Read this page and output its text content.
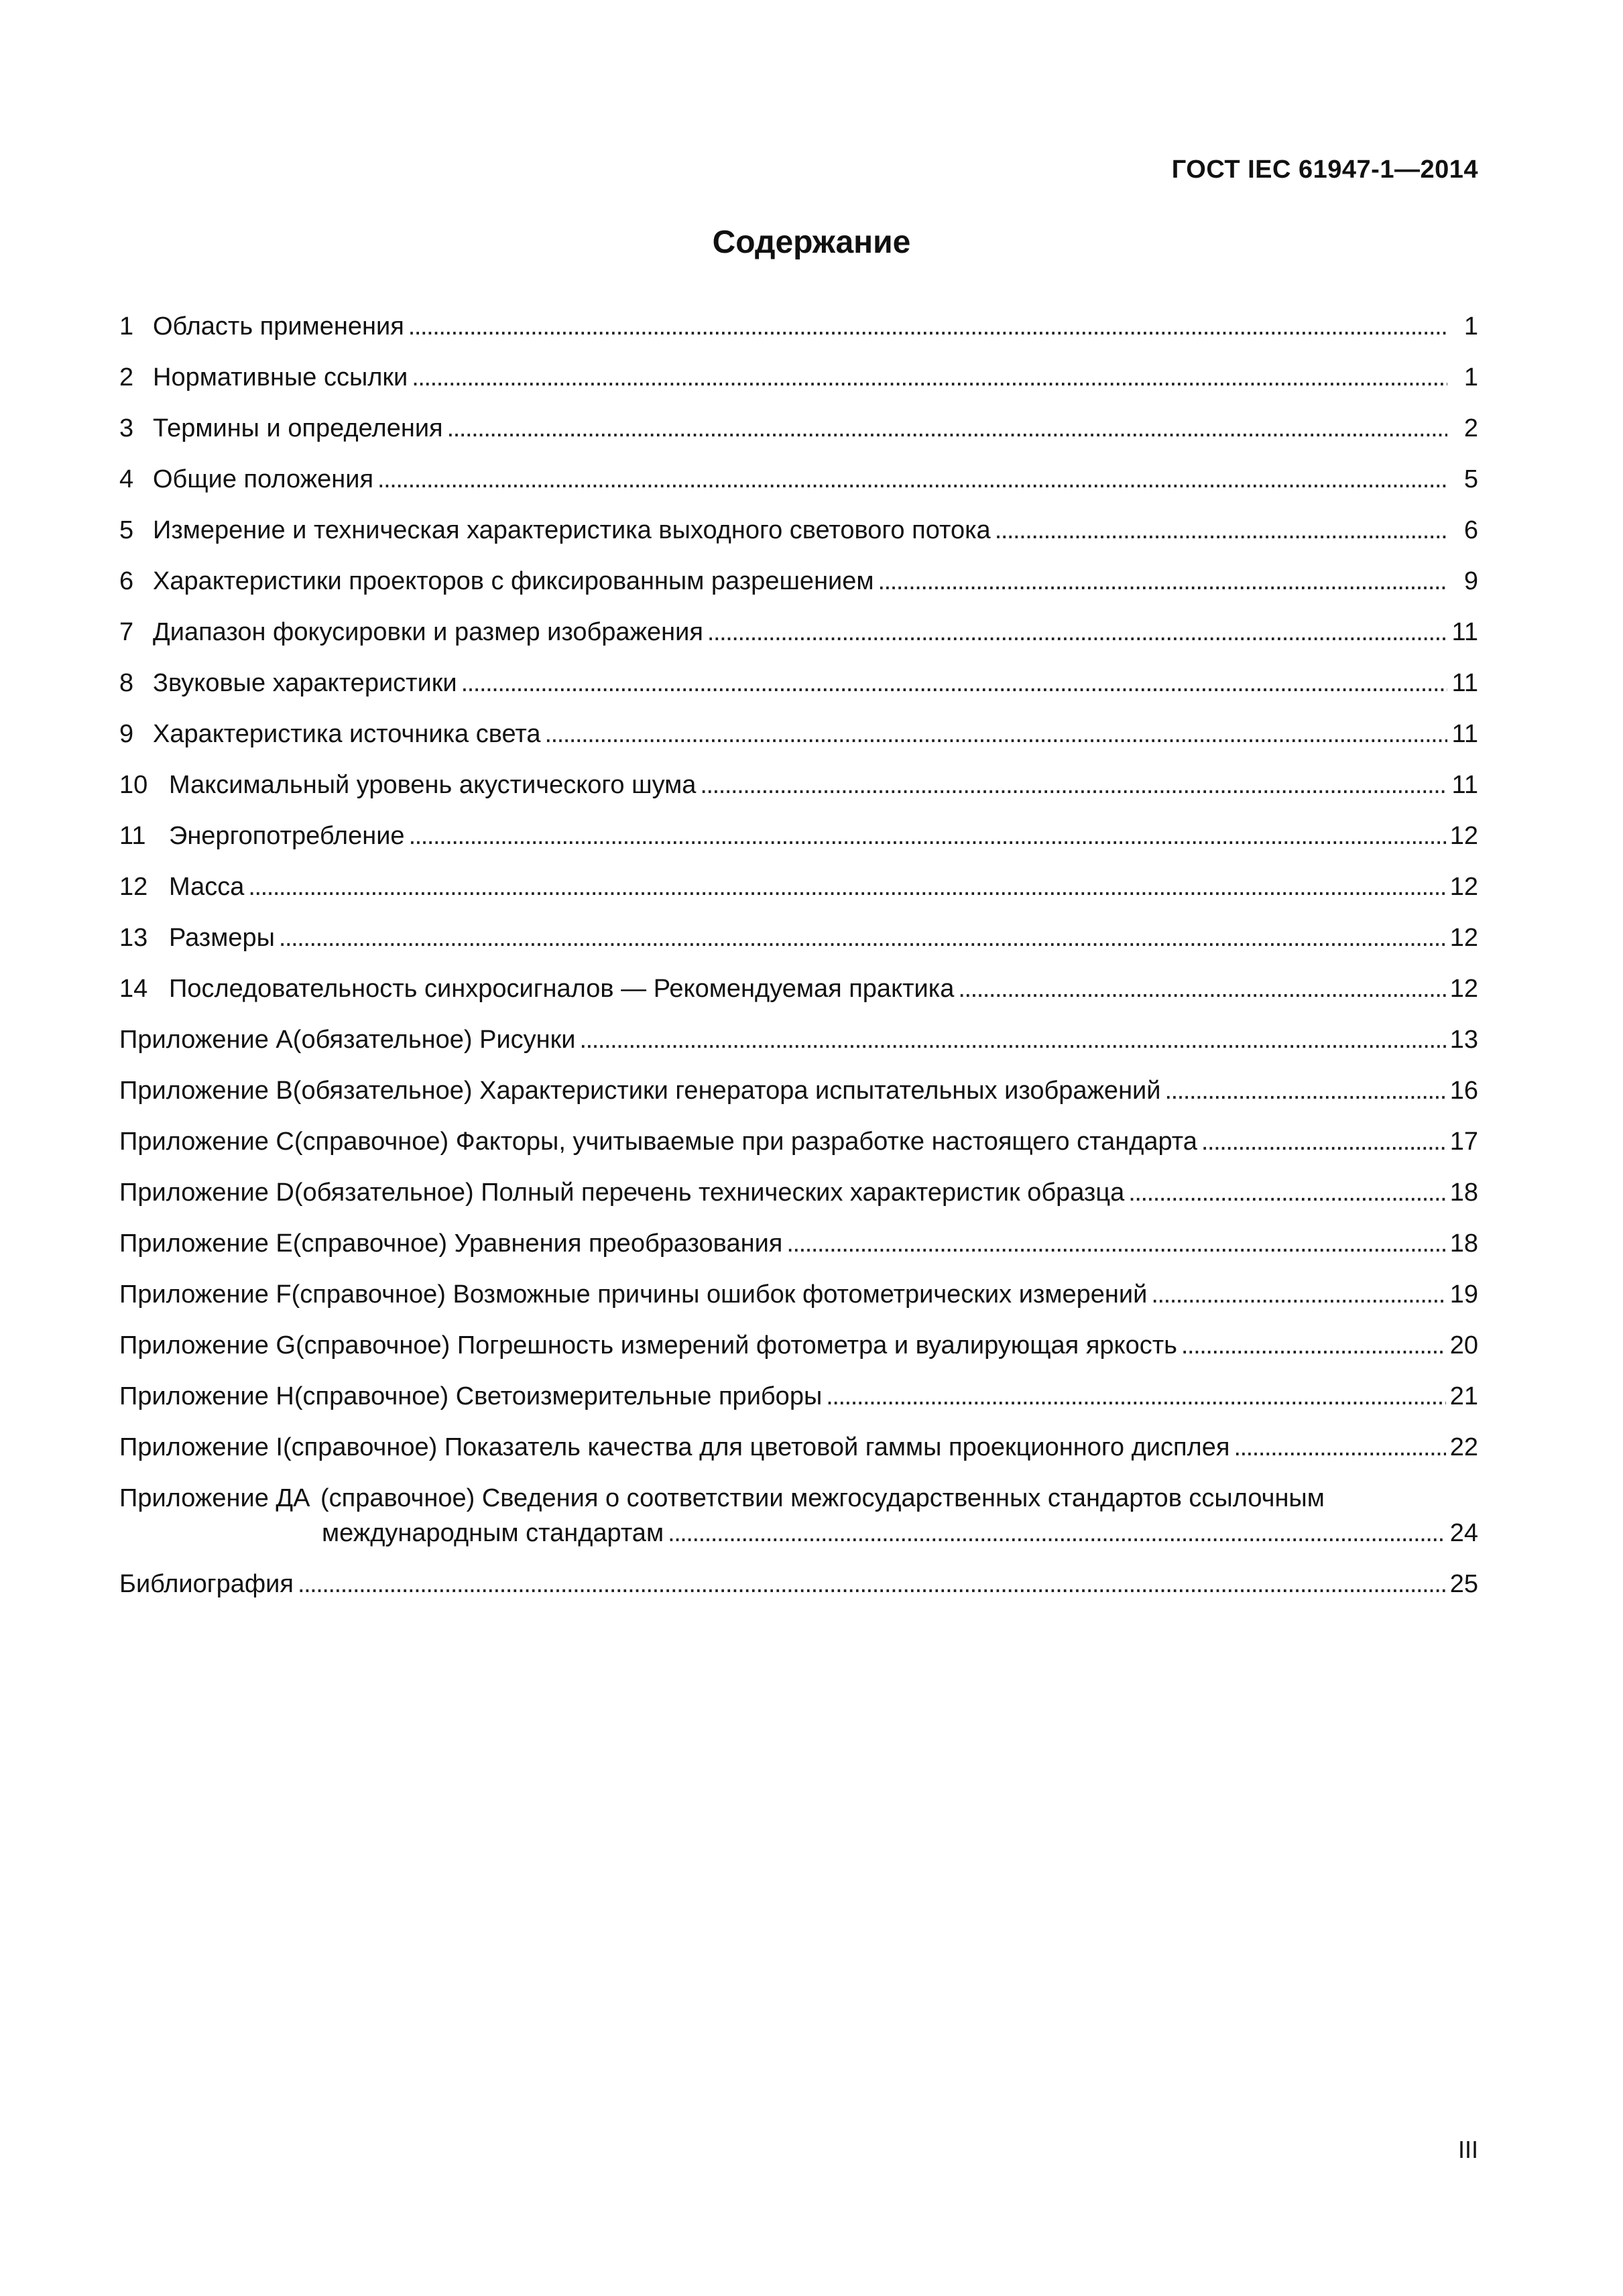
ГОСТ IEC 61947-1—2014
Содержание
1 Область применения . . .	1
2 Нормативные ссылки . . .	1
3 Термины и определения . . .	2
4 Общие положения . . .	5
5 Измерение и техническая характеристика выходного светового потока . . .	6
6 Характеристики проекторов с фиксированным разрешением . . .	9
7 Диапазон фокусировки и размер изображения . . .	11
8 Звуковые характеристики . . .	11
9 Характеристика источника света . . .	11
10 Максимальный уровень акустического шума . . .	11
11 Энергопотребление . . .	12
12 Масса . . .	12
13 Размеры . . .	12
14 Последовательность синхросигналов — Рекомендуемая практика . . .	12
Приложение A (обязательное) Рисунки . . .	13
Приложение B (обязательное) Характеристики генератора испытательных изображений . . .	16
Приложение C (справочное) Факторы, учитываемые при разработке настоящего стандарта . . .	17
Приложение D (обязательное) Полный перечень технических характеристик образца . . .	18
Приложение E (справочное) Уравнения преобразования . . .	18
Приложение F (справочное) Возможные причины ошибок фотометрических измерений . . .	19
Приложение G (справочное) Погрешность измерений фотометра и вуалирующая яркость . . .	20
Приложение H (справочное) Светоизмерительные приборы . . .	21
Приложение I (справочное) Показатель качества для цветовой гаммы проекционного дисплея . . .	22
Приложение ДА (справочное) Сведения о соответствии межгосударственных стандартов ссылочным
международным стандартам . . .	24
Библиография . . .	25
III
